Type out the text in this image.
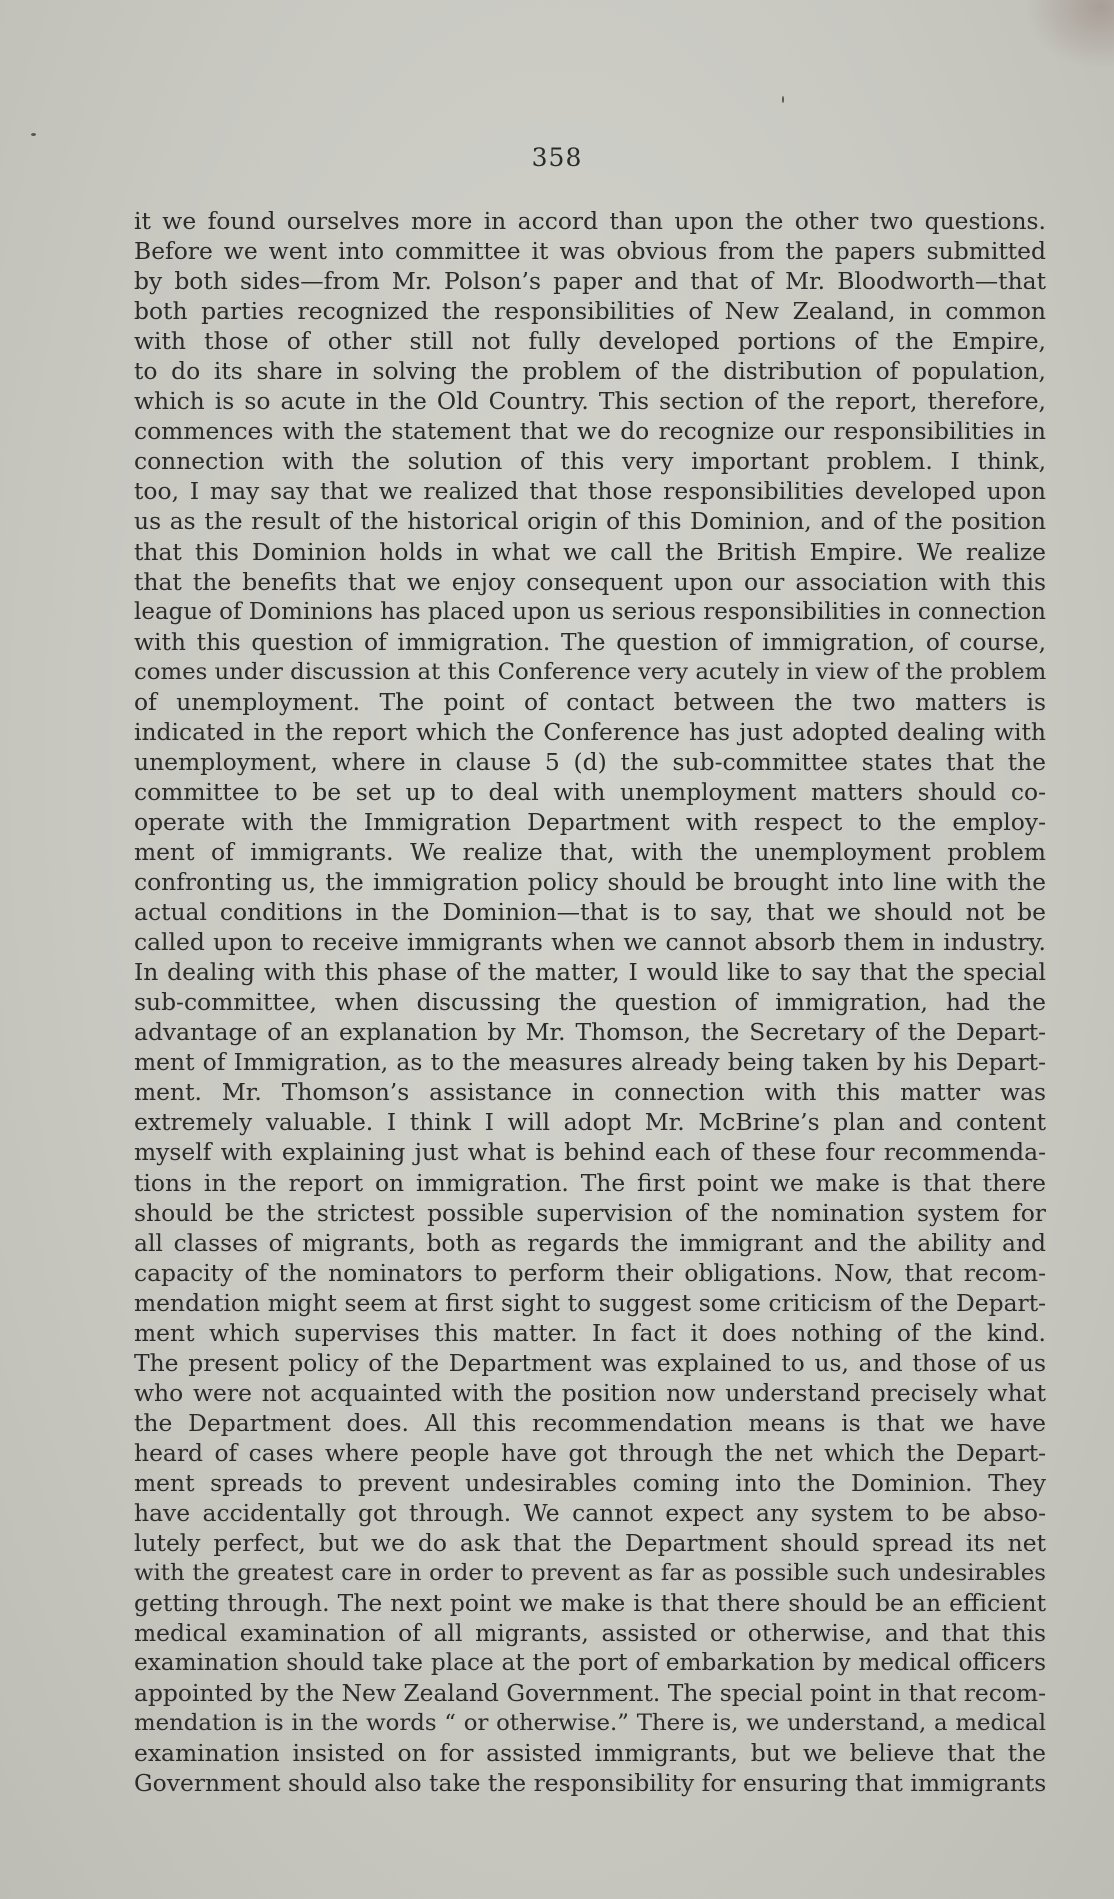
358
it we found ourselves more in accord than upon the other two questions.
Before we went into committee it was obvious from the papers submitted
by both sides—from Mr. Polson’s paper and that of Mr. Bloodworth—that
both parties recognized the responsibilities of New Zealand, in common
with those of other still not fully developed portions of the Empire,
to do its share in solving the problem of the distribution of population,
which is so acute in the Old Country. This section of the report, therefore,
commences with the statement that we do recognize our responsibilities in
connection with the solution of this very important problem. I think,
too, I may say that we realized that those responsibilities developed upon
us as the result of the historical origin of this Dominion, and of the position
that this Dominion holds in what we call the British Empire. We realize
that the benefits that we enjoy consequent upon our association with this
league of Dominions has placed upon us serious responsibilities in connection
with this question of immigration. The question of immigration, of course,
comes under discussion at this Conference very acutely in view of the problem
of unemployment. The point of contact between the two matters is
indicated in the report which the Conference has just adopted dealing with
unemployment, where in clause 5 (d) the sub-committee states that the
committee to be set up to deal with unemployment matters should co-
operate with the Immigration Department with respect to the employ-
ment of immigrants. We realize that, with the unemployment problem
confronting us, the immigration policy should be brought into line with the
actual conditions in the Dominion—that is to say, that we should not be
called upon to receive immigrants when we cannot absorb them in industry.
In dealing with this phase of the matter, I would like to say that the special
sub-committee, when discussing the question of immigration, had the
advantage of an explanation by Mr. Thomson, the Secretary of the Depart-
ment of Immigration, as to the measures already being taken by his Depart-
ment. Mr. Thomson’s assistance in connection with this matter was
extremely valuable. I think I will adopt Mr. McBrine’s plan and content
myself with explaining just what is behind each of these four recommenda-
tions in the report on immigration. The first point we make is that there
should be the strictest possible supervision of the nomination system for
all classes of migrants, both as regards the immigrant and the ability and
capacity of the nominators to perform their obligations. Now, that recom-
mendation might seem at first sight to suggest some criticism of the Depart-
ment which supervises this matter. In fact it does nothing of the kind.
The present policy of the Department was explained to us, and those of us
who were not acquainted with the position now understand precisely what
the Department does. All this recommendation means is that we have
heard of cases where people have got through the net which the Depart-
ment spreads to prevent undesirables coming into the Dominion. They
have accidentally got through. We cannot expect any system to be abso-
lutely perfect, but we do ask that the Department should spread its net
with the greatest care in order to prevent as far as possible such undesirables
getting through. The next point we make is that there should be an efficient
medical examination of all migrants, assisted or otherwise, and that this
examination should take place at the port of embarkation by medical officers
appointed by the New Zealand Government. The special point in that recom-
mendation is in the words “ or otherwise.” There is, we understand, a medical
examination insisted on for assisted immigrants, but we believe that the
Government should also take the responsibility for ensuring that immigrants
